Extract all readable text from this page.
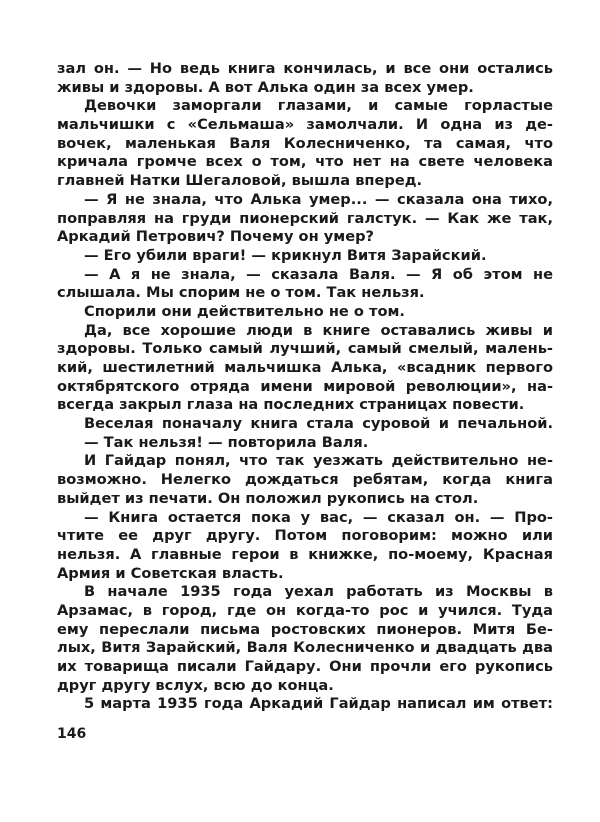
зал он. — Но ведь книга кончилась, и все они остались
живы и здоровы. А вот Алька один за всех умер.
Девочки заморгали глазами, и самые горластые
мальчишки с «Сельмаша» замолчали. И одна из де-
вочек, маленькая Валя Колесниченко, та самая, что
кричала громче всех о том, что нет на свете человека
главней Натки Шегаловой, вышла вперед.
— Я не знала, что Алька умер... — сказала она тихо,
поправляя на груди пионерский галстук. — Как же так,
Аркадий Петрович? Почему он умер?
— Его убили враги! — крикнул Витя Зарайский.
— А я не знала, — сказала Валя. — Я об этом не
слышала. Мы спорим не о том. Так нельзя.
Спорили они действительно не о том.
Да, все хорошие люди в книге оставались живы и
здоровы. Только самый лучший, самый смелый, малень-
кий, шестилетний мальчишка Алька, «всадник первого
октябрятского отряда имени мировой революции», на-
всегда закрыл глаза на последних страницах повести.
Веселая поначалу книга стала суровой и печальной.
— Так нельзя! — повторила Валя.
И Гайдар понял, что так уезжать действительно не-
возможно. Нелегко дождаться ребятам, когда книга
выйдет из печати. Он положил рукопись на стол.
— Книга остается пока у вас, — сказал он. — Про-
чтите ее друг другу. Потом поговорим: можно или
нельзя. А главные герои в книжке, по-моему, Красная
Армия и Советская власть.
В начале 1935 года уехал работать из Москвы в
Арзамас, в город, где он когда-то рос и учился. Туда
ему переслали письма ростовских пионеров. Митя Бе-
лых, Витя Зарайский, Валя Колесниченко и двадцать два
их товарища писали Гайдару. Они прочли его рукопись
друг другу вслух, всю до конца.
5 марта 1935 года Аркадий Гайдар написал им ответ:
146
